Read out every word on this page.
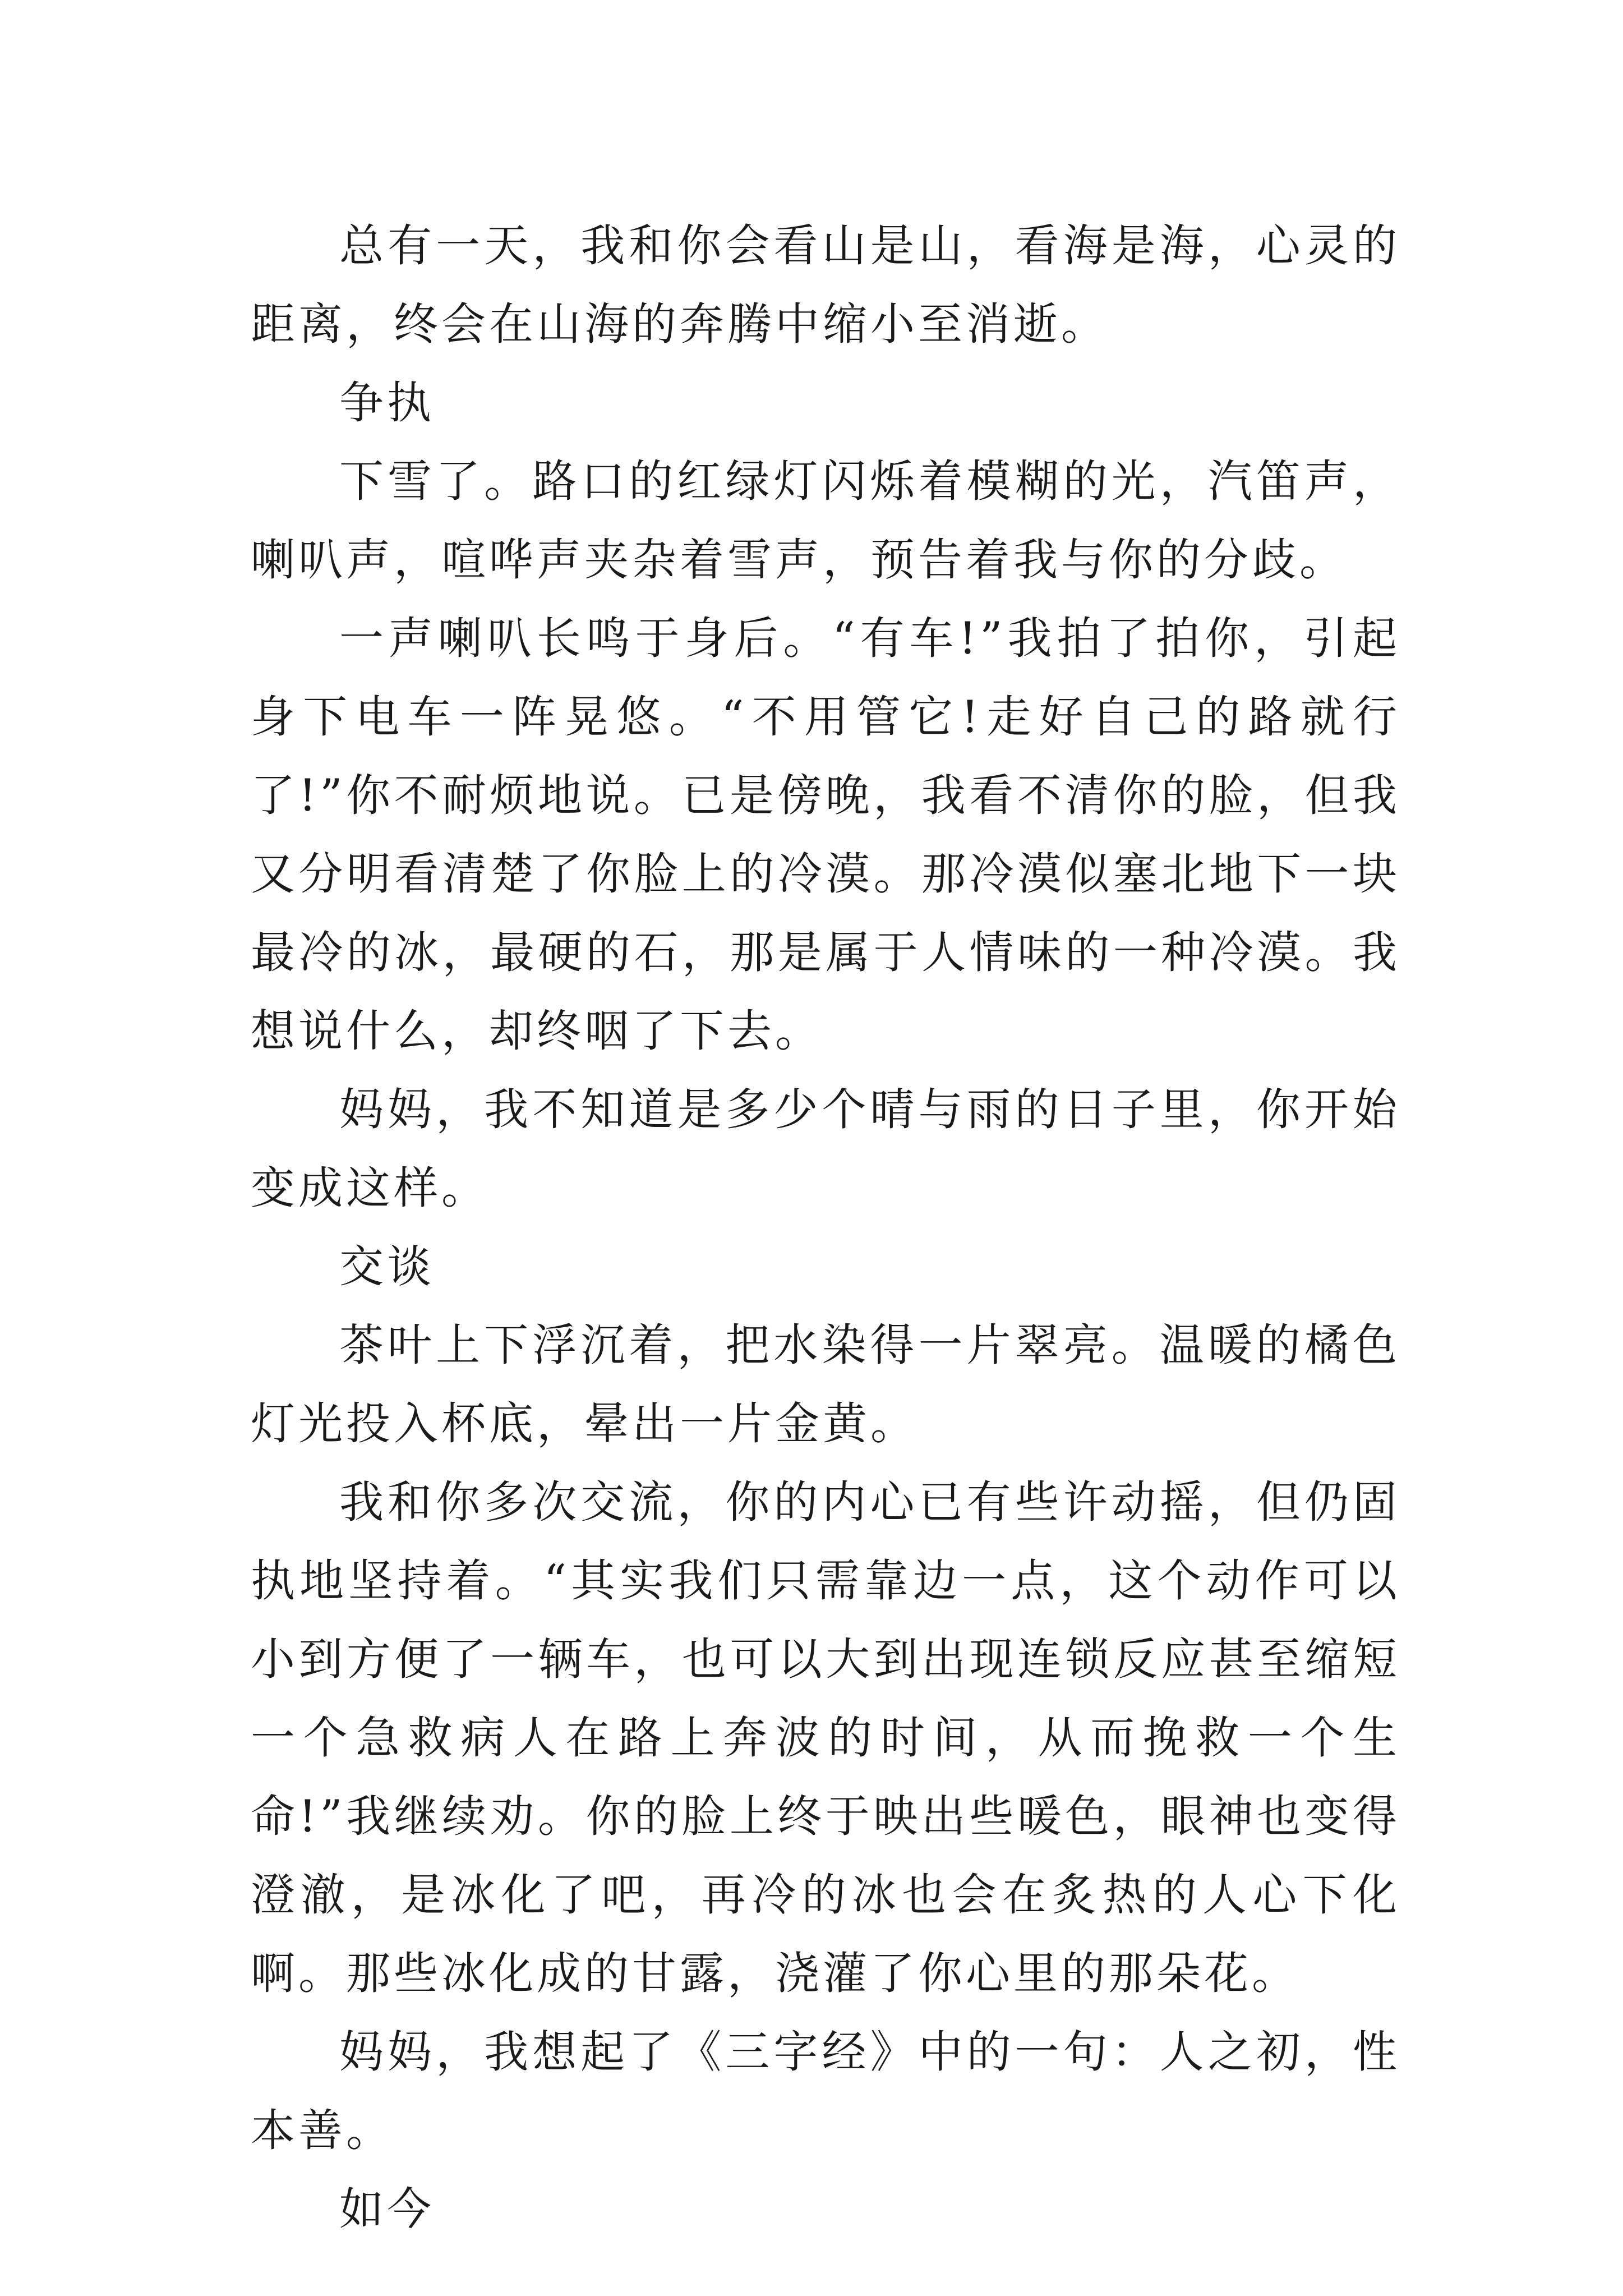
总有一天，我和你会看山是山，看海是海，心灵的距离，终会在山海的奔腾中缩小至消逝。

争执

下雪了。路口的红绿灯闪烁着模糊的光，汽笛声，喇叭声，喧哗声夹杂着雪声，预告着我与你的分歧。

一声喇叭长鸣于身后。“有车!”我拍了拍你，引起身下电车一阵晃悠。“不用管它!走好自己的路就行了!”你不耐烦地说。已是傍晚，我看不清你的脸，但我又分明看清楚了你脸上的冷漠。那冷漠似塞北地下一块最冷的冰，最硬的石，那是属于人情味的一种冷漠。我想说什么，却终咽了下去。

妈妈，我不知道是多少个晴与雨的日子里，你开始变成这样。

交谈

茶叶上下浮沉着，把水染得一片翠亮。温暖的橘色灯光投入杯底，晕出一片金黄。

我和你多次交流，你的内心已有些许动摇，但仍固执地坚持着。“其实我们只需靠边一点，这个动作可以小到方便了一辆车，也可以大到出现连锁反应甚至缩短一个急救病人在路上奔波的时间，从而挽救一个生命!”我继续劝。你的脸上终于映出些暖色，眼神也变得澄澈，是冰化了吧，再冷的冰也会在炙热的人心下化啊。那些冰化成的甘露，浇灌了你心里的那朵花。

妈妈，我想起了《三字经》中的一句：人之初，性本善。

如今
